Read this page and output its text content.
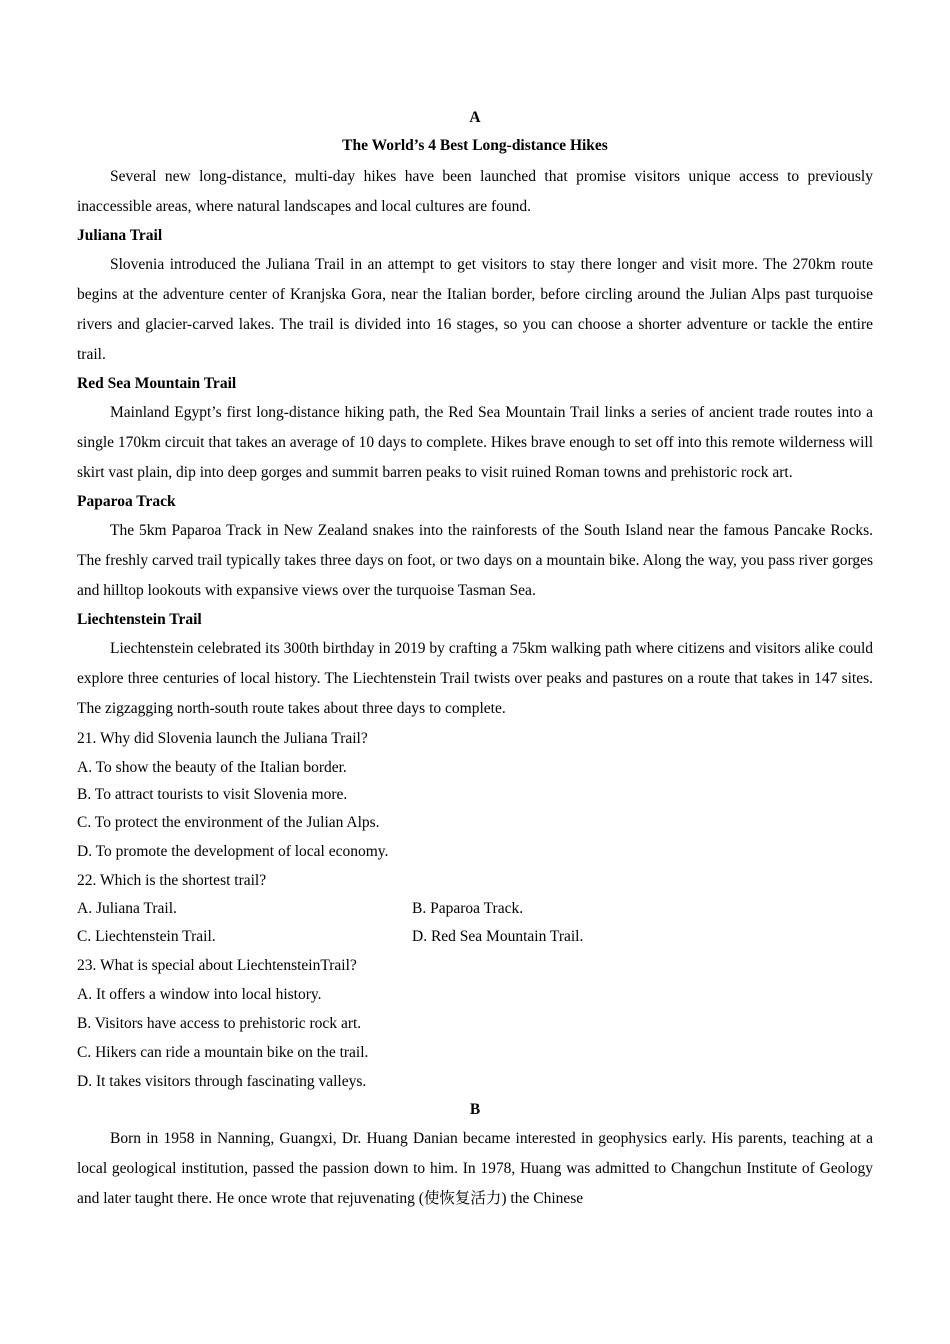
A
The World’s 4 Best Long-distance Hikes

Several new long-distance, multi-day hikes have been launched that promise visitors unique access to previously inaccessible areas, where natural landscapes and local cultures are found.

Juliana Trail

Slovenia introduced the Juliana Trail in an attempt to get visitors to stay there longer and visit more. The 270km route begins at the adventure center of Kranjska Gora, near the Italian border, before circling around the Julian Alps past turquoise rivers and glacier-carved lakes. The trail is divided into 16 stages, so you can choose a shorter adventure or tackle the entire trail.

Red Sea Mountain Trail

Mainland Egypt’s first long-distance hiking path, the Red Sea Mountain Trail links a series of ancient trade routes into a single 170km circuit that takes an average of 10 days to complete. Hikes brave enough to set off into this remote wilderness will skirt vast plain, dip into deep gorges and summit barren peaks to visit ruined Roman towns and prehistoric rock art.

Paparoa Track

The 5km Paparoa Track in New Zealand snakes into the rainforests of the South Island near the famous Pancake Rocks. The freshly carved trail typically takes three days on foot, or two days on a mountain bike. Along the way, you pass river gorges and hilltop lookouts with expansive views over the turquoise Tasman Sea.

Liechtenstein Trail

Liechtenstein celebrated its 300th birthday in 2019 by crafting a 75km walking path where citizens and visitors alike could explore three centuries of local history. The Liechtenstein Trail twists over peaks and pastures on a route that takes in 147 sites. The zigzagging north-south route takes about three days to complete.

21. Why did Slovenia launch the Juliana Trail?
A. To show the beauty of the Italian border.
B. To attract tourists to visit Slovenia more.
C. To protect the environment of the Julian Alps.
D. To promote the development of local economy.
22. Which is the shortest trail?
A. Juliana Trail.	B. Paparoa Track.
C. Liechtenstein Trail.	D. Red Sea Mountain Trail.
23. What is special about LiechtensteinTrail?
A. It offers a window into local history.
B. Visitors have access to prehistoric rock art.
C. Hikers can ride a mountain bike on the trail.
D. It takes visitors through fascinating valleys.
B

Born in 1958 in Nanning, Guangxi, Dr. Huang Danian became interested in geophysics early. His parents, teaching at a local geological institution, passed the passion down to him. In 1978, Huang was admitted to Changchun Institute of Geology and later taught there. He once wrote that rejuvenating (使恢复活力) the Chinese
